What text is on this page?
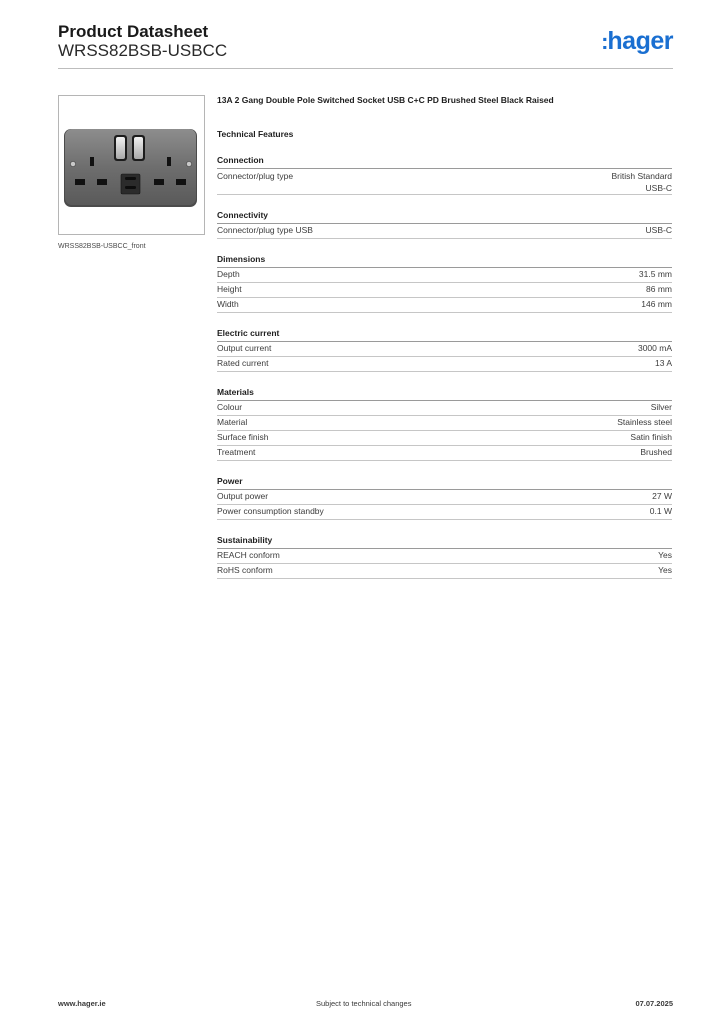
Product Datasheet
WRSS82BSB-USBCC	:hager
WRSS82BSB-USBCC_front
13A 2 Gang Double Pole Switched Socket USB C+C PD Brushed Steel Black Raised
Technical Features
Connection
Connector/plug type	British Standard
USB-C
Connectivity
Connector/plug type USB	USB-C
Dimensions
Depth	31.5 mm
Height	86 mm
Width	146 mm
Electric current
Output current	3000 mA
Rated current	13 A
Materials
Colour	Silver
Material	Stainless steel
Surface finish	Satin finish
Treatment	Brushed
Power
Output power	27 W
Power consumption standby	0.1 W
Sustainability
REACH conform	Yes
RoHS conform	Yes
www.hager.ie	Subject to technical changes	07.07.2025
